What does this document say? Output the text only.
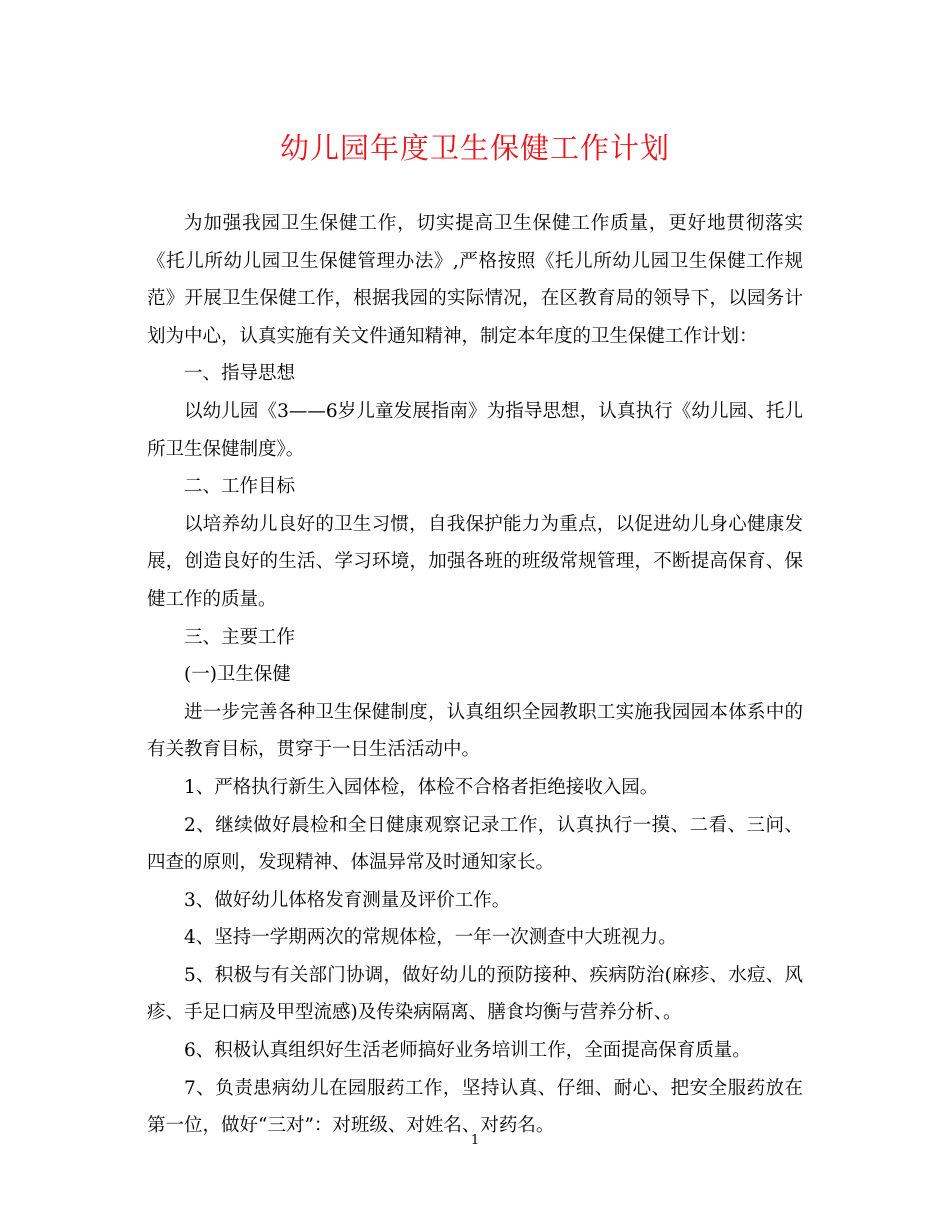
幼儿园年度卫生保健工作计划

为加强我园卫生保健工作，切实提高卫生保健工作质量，更好地贯彻落实《托儿所幼儿园卫生保健管理办法》,严格按照《托儿所幼儿园卫生保健工作规范》开展卫生保健工作，根据我园的实际情况，在区教育局的领导下，以园务计划为中心，认真实施有关文件通知精神，制定本年度的卫生保健工作计划：

一、指导思想

以幼儿园《3——6岁儿童发展指南》为指导思想，认真执行《幼儿园、托儿所卫生保健制度》。

二、工作目标

以培养幼儿良好的卫生习惯，自我保护能力为重点，以促进幼儿身心健康发展，创造良好的生活、学习环境，加强各班的班级常规管理，不断提高保育、保健工作的质量。

三、主要工作

(一)卫生保健

进一步完善各种卫生保健制度，认真组织全园教职工实施我园园本体系中的有关教育目标，贯穿于一日生活活动中。

1、严格执行新生入园体检，体检不合格者拒绝接收入园。

2、继续做好晨检和全日健康观察记录工作，认真执行一摸、二看、三问、四查的原则，发现精神、体温异常及时通知家长。

3、做好幼儿体格发育测量及评价工作。

4、坚持一学期两次的常规体检，一年一次测查中大班视力。

5、积极与有关部门协调，做好幼儿的预防接种、疾病防治(麻疹、水痘、风疹、手足口病及甲型流感)及传染病隔离、膳食均衡与营养分析、。

6、积极认真组织好生活老师搞好业务培训工作，全面提高保育质量。

7、负责患病幼儿在园服药工作，坚持认真、仔细、耐心、把安全服药放在第一位，做好“三对”：对班级、对姓名、对药名。

1
